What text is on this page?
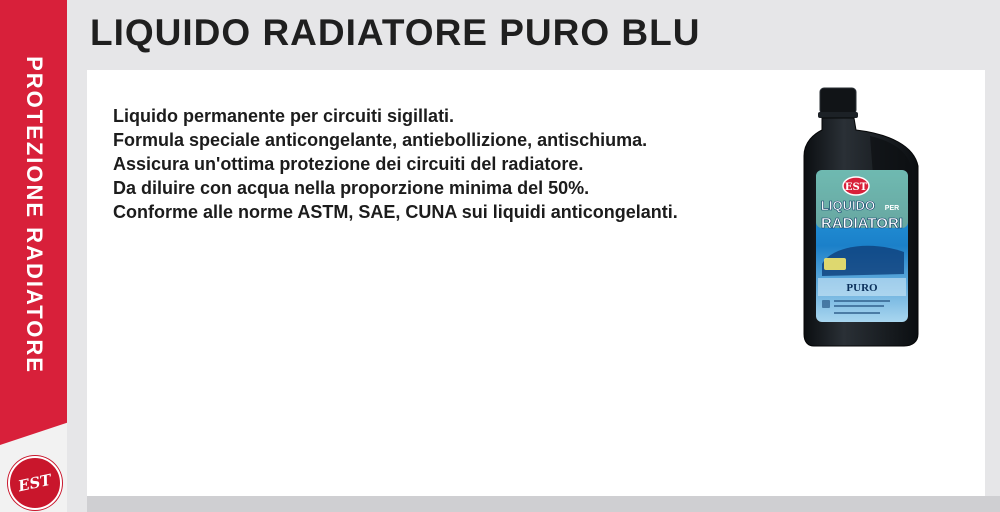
PROTEZIONE RADIATORE
EST
LIQUIDO RADIATORE PURO BLU
Liquido permanente per circuiti sigillati.
Formula speciale anticongelante, antiebollizione, antischiuma.
Assicura un'ottima protezione dei circuiti del radiatore.
Da diluire con acqua nella proporzione minima del 50%.
Conforme alle norme ASTM, SAE, CUNA sui liquidi anticongelanti.
EST
LIQUIDO PER
RADIATORI
PURO
